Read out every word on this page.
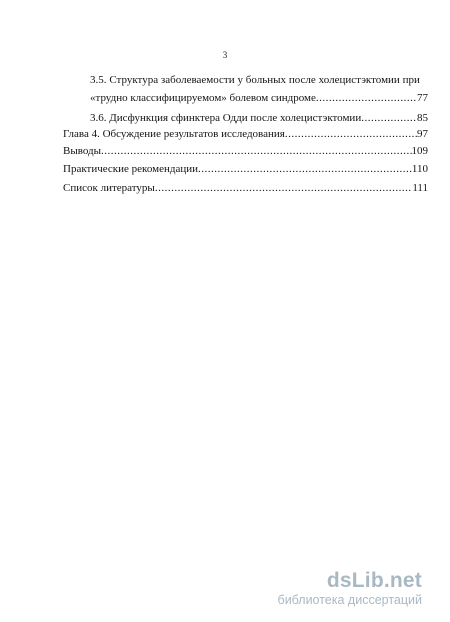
3
3.5. Структура заболеваемости у больных после холецистэктомии при
«трудно классифицируемом» болевом синдроме .....	77
3.6. Дисфункция сфинктера Одди после холецистэктомии .....	85
Глава 4. Обсуждение результатов исследования .....	97
Выводы .....	109
Практические рекомендации .....	110
Список литературы .....	111
dsLib.net
библиотека диссертаций
